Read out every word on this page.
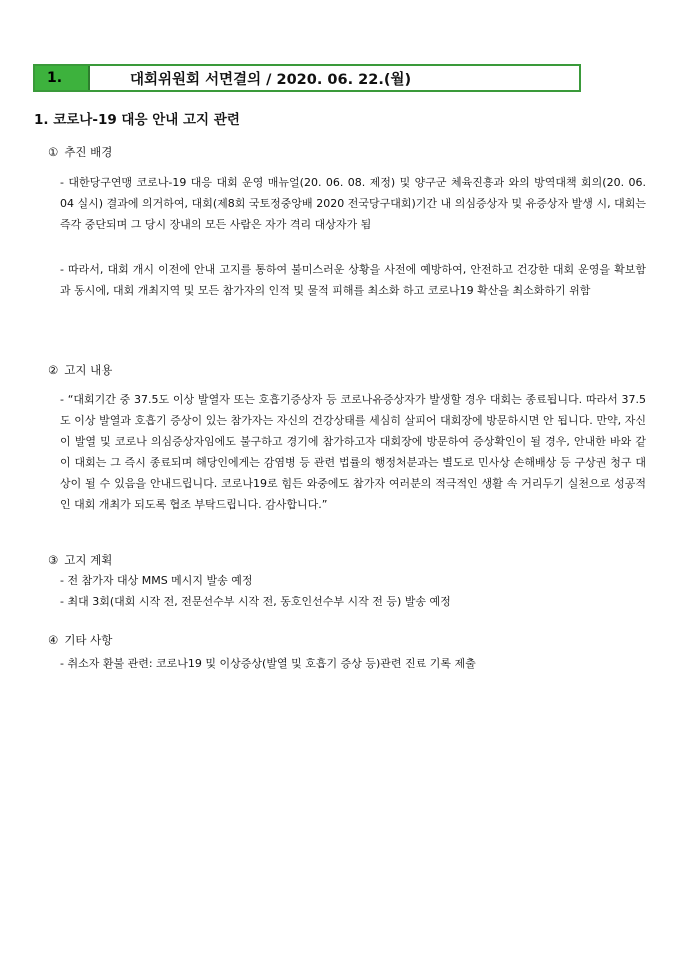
1.	대회위원회 서면결의 / 2020. 06. 22.(월)
1. 코로나-19 대응 안내 고지 관련
① 추진 배경
- 대한당구연맹 코로나-19 대응 대회 운영 매뉴얼(20. 06. 08. 제정) 및 양구군 체육진흥과 와의 방역대책 회의(20. 06. 04 실시) 결과에 의거하여, 대회(제8회 국토정중앙배 2020 전국당구대회)기간 내 의심증상자 및 유증상자 발생 시, 대회는 즉각 중단되며 그 당시 장내의 모든 사람은 자가 격리 대상자가 됨
- 따라서, 대회 개시 이전에 안내 고지를 통하여 불미스러운 상황을 사전에 예방하여, 안전하고 건강한 대회 운영을 확보함과 동시에, 대회 개최지역 및 모든 참가자의 인적 및 물적 피해를 최소화 하고 코로나19 확산을 최소화하기 위함
② 고지 내용
- “대회기간 중 37.5도 이상 발열자 또는 호흡기증상자 등 코로나유증상자가 발생할 경우 대회는 종료됩니다. 따라서 37.5도 이상 발열과 호흡기 증상이 있는 참가자는 자신의 건강상태를 세심히 살피어 대회장에 방문하시면 안 됩니다. 만약, 자신이 발열 및 코로나 의심증상자임에도 불구하고 경기에 참가하고자 대회장에 방문하여 증상확인이 될 경우, 안내한 바와 같이 대회는 그 즉시 종료되며 해당인에게는 감염병 등 관련 법률의 행정처분과는 별도로 민사상 손해배상 등 구상권 청구 대상이 될 수 있음을 안내드립니다. 코로나19로 힘든 와중에도 참가자 여러분의 적극적인 생활 속 거리두기 실천으로 성공적인 대회 개최가 되도록 협조 부탁드립니다. 감사합니다.”
③ 고지 계획
- 전 참가자 대상 MMS 메시지 발송 예정
- 최대 3회(대회 시작 전, 전문선수부 시작 전, 동호인선수부 시작 전 등) 발송 예정
④ 기타 사항
- 취소자 환불 관련: 코로나19 및 이상증상(발열 및 호흡기 증상 등)관련 진료 기록 제출
